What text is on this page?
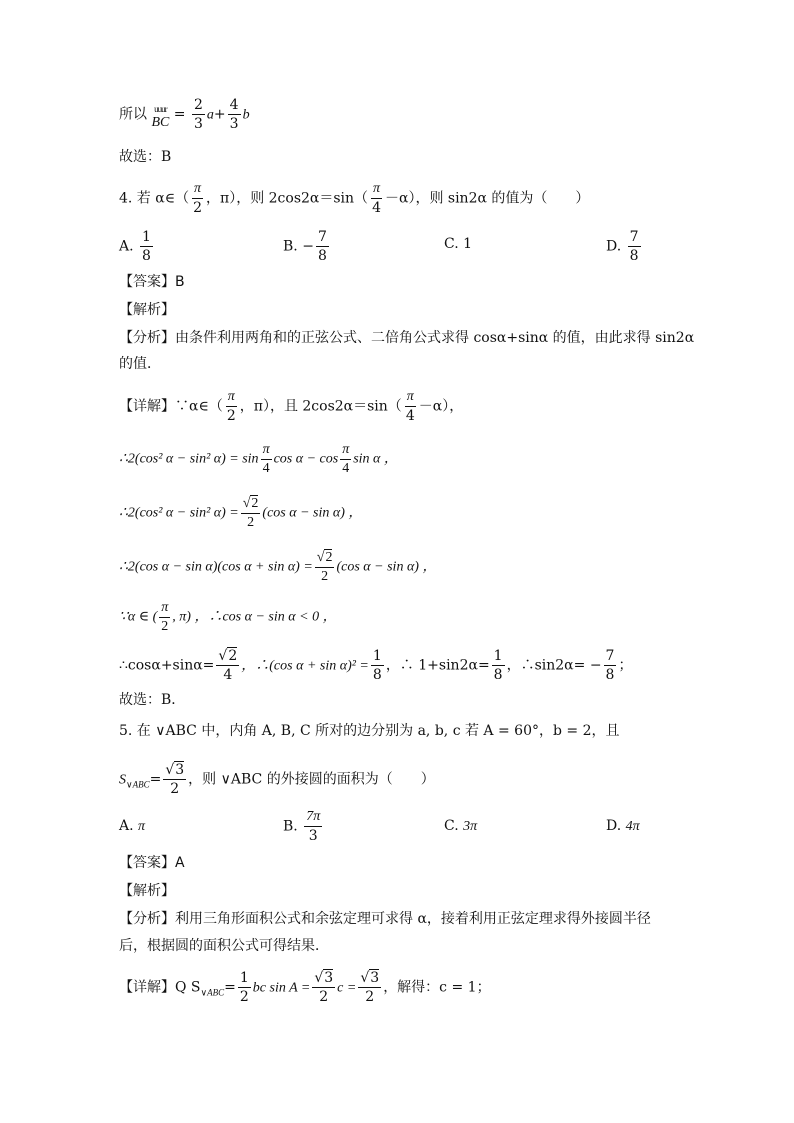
所以 uuur
BC = $\frac{2}{3} a+ \frac{4}{3}$ b
故选：B
4. 若 α∈（ $\frac{\pi}{2}$ ，π），则 $2\cos 2\alpha=\sin( \frac{\pi}{4} -\alpha)$，则 sin2α 的值为（　　）
A. $\frac{1}{8}$	B. − $\frac{7}{8}$	C. 1	D. $\frac{7}{8}$
【答案】B
【解析】
【分析】由条件利用两角和的正弦公式、二倍角公式求得 cosα+sinα 的值，由此求得 sin2α
的值．
【详解】∵α∈（ $\frac{\pi}{2}$ ，π），且 $2\cos 2\alpha=\sin( \frac{\pi}{4} -\alpha)$，
∴2(cos² α − sin² $\alpha) = \sin \frac{\pi}{4}$ $\cos \alpha - \cos \frac{\pi}{4}$ sin α ，
∴2(cos² α − sin² $\alpha) = \frac{√2}{2} (\cos$ α − sin α) ，
∴2(cos α − sin α)(cos $\alpha + \sin \alpha) = \frac{√2}{2} (\cos$ α − sin α) ，
∵α ∈ ( $\frac{\pi}{2}$ , π) ，∴cos α − sin α < 0 ，
∴cosα+sinα= $\frac{√2}{4}$ ，∴(cos $\alpha + \sin \alpha)^2 = \frac{1}{8}$ ，∴ $1+\sin 2\alpha= \frac{1}{8}$ ，∴sin2α= − $\frac{7}{8}$ ；
故选：B．
5. 在 ∨ABC 中，内角 A, B, C 所对的边分别为 a, b, c 若 A = 60°，b = 2，且
$S_{\vee ABC}= \frac{√3}{2}$ ，则 ∨ABC 的外接圆的面积为（　　）
A. π	B. $\frac{7\pi}{3}$	C. 3π	D. 4π
【答案】A
【解析】
【分析】利用三角形面积公式和余弦定理可求得 α，接着利用正弦定理求得外接圆半径
后，根据圆的面积公式可得结果．
【详解】Q $S_{\vee ABC}= \frac{1}{2}$ bc $\sin A = \frac{√3}{2}$ $c = \frac{√3}{2}$ ，解得：c = 1；
